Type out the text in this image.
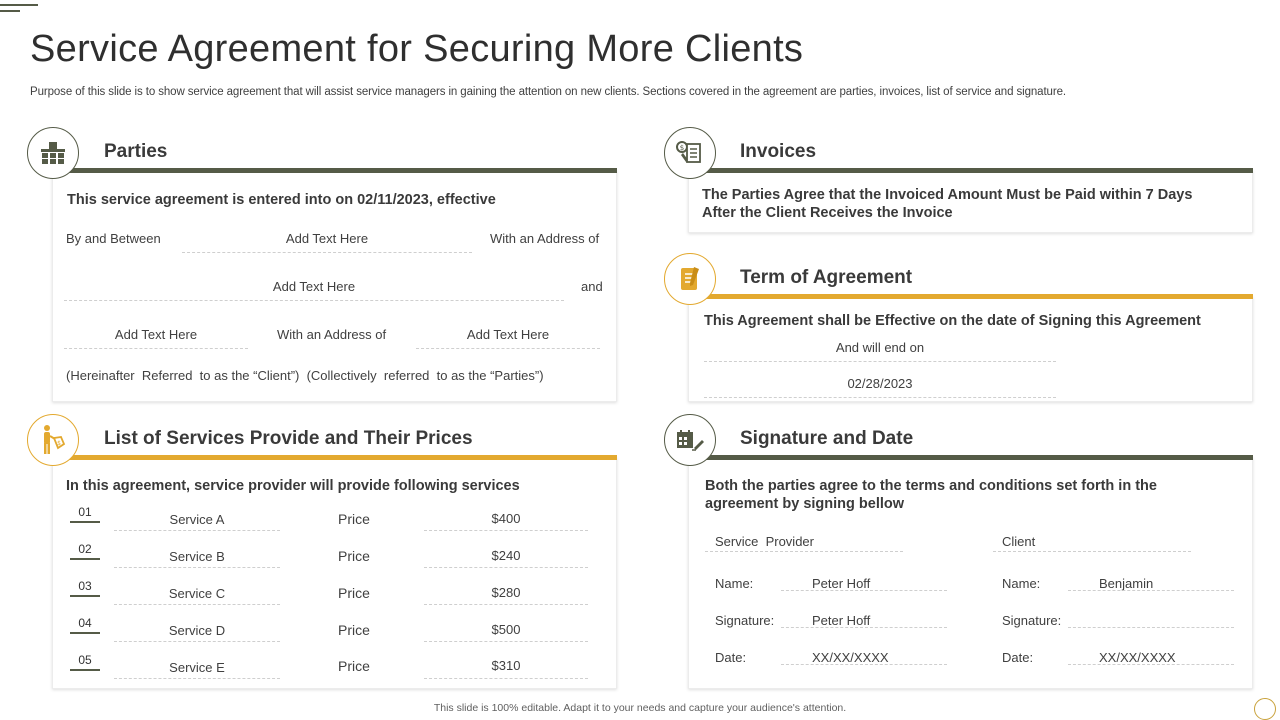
Service Agreement for Securing More Clients
Purpose of this slide is to show service agreement that will assist service managers in gaining the attention on new clients. Sections covered in the agreement are parties, invoices, list of service and signature.
Parties
This service agreement is entered into on 02/11/2023, effective
By and Between	Add Text Here	With an Address of
Add Text Here	and
Add Text Here	With an Address of	Add Text Here
(Hereinafter  Referred  to as the “Client”)  (Collectively  referred  to as the “Parties”)
$	Invoices
The Parties Agree that the Invoiced Amount Must be Paid within 7 Days After the Client Receives the Invoice
Term of Agreement
This Agreement shall be Effective on the date of Signing this Agreement
And will end on
02/28/2023
$ List of Services Provide and Their Prices
In this agreement, service provider will provide following services
01	Service A	Price	$400
02	Service B	Price	$240
03	Service C	Price	$280
04	Service D	Price	$500
05	Service E	Price	$310
Signature and Date
Both the parties agree to the terms and conditions set forth in the agreement by signing bellow
Service  Provider
Name:	Peter Hoff
Signature:	Peter Hoff
Date:	XX/XX/XXXX
Client
Name:	Benjamin
Signature:
Date:	XX/XX/XXXX
This slide is 100% editable. Adapt it to your needs and capture your audience's attention.
